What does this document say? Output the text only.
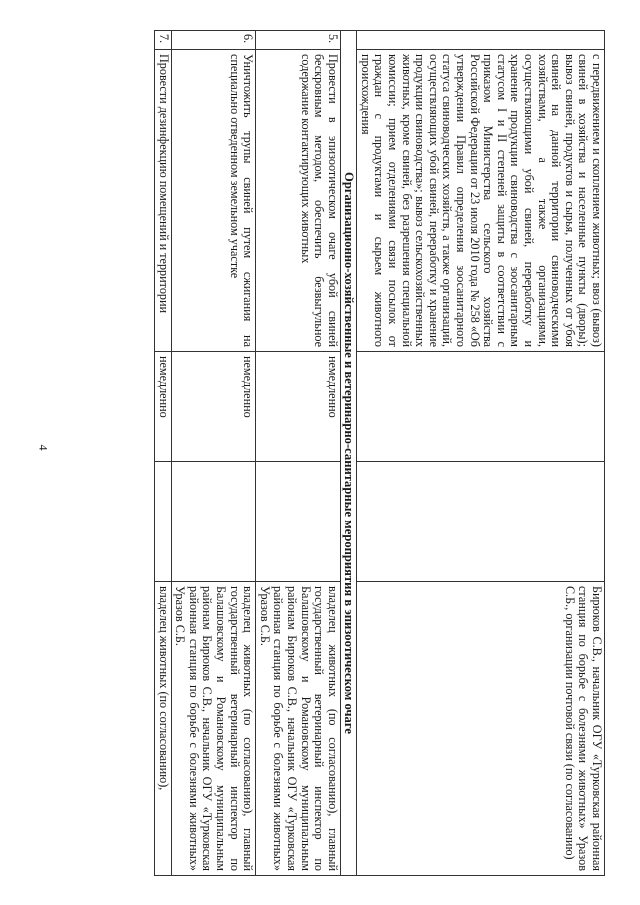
4
	с передвижением и скоплением животных; ввоз (вывоз) свиней в хозяйства и населенные пункты (дворы); вывоз свиней, продуктов и сырья, полученных от убоя свиней на данной территории свиноводческими хозяйствами, а также организациями, осуществляющими убой свиней, переработку и хранение продукции свиноводства с зоосанитарным статусом I и II степеней защиты в соответствии с приказом Министерства сельского хозяйства Российской Федерации от 23 июля 2010 года № 258 «Об утверждении Правил определения зоосанитарного статуса свиноводческих хозяйств, а также организаций, осуществляющих убой свиней, переработку и хранение продукции свиноводства»; вывоз сельскохозяйственных животных, кроме свиней, без разрешения специальной комиссии; прием отделениями связи посылок от граждан с продуктами и сырьем животного происхождения			Бирюков С.В., начальник ОГУ «Турковская районная станция по борьбе с болезнями животных» Уразов С.Б., организации почтовой связи (по согласованию)
Организационно-хозяйственные и ветеринарно-санитарные мероприятия в эпизоотическом очаге				
5.	Провести в эпизоотическом очаге убой свиней бескровным методом, обеспечить безвыгульное содержание контактирующих животных	немедленно		владелец животных (по согласованию), главный государственный ветеринарный инспектор по Балашовскому и Романовскому муниципальным районам Бирюков С.В., начальник ОГУ «Турковская районная станция по борьбе с болезнями животных» Уразов С.Б.
6.	Уничтожить трупы свиней путем сжигания на специально отведенном земельном участке	немедленно		владелец животных (по согласованию), главный государственный ветеринарный инспектор по Балашовскому и Романовскому муниципальным районам Бирюков С.В., начальник ОГУ «Турковская районная станция по борьбе с болезнями животных» Уразов С.Б.
7.	Провести дезинфекцию помещений и территории	немедленно		владелец животных (по согласованию),
